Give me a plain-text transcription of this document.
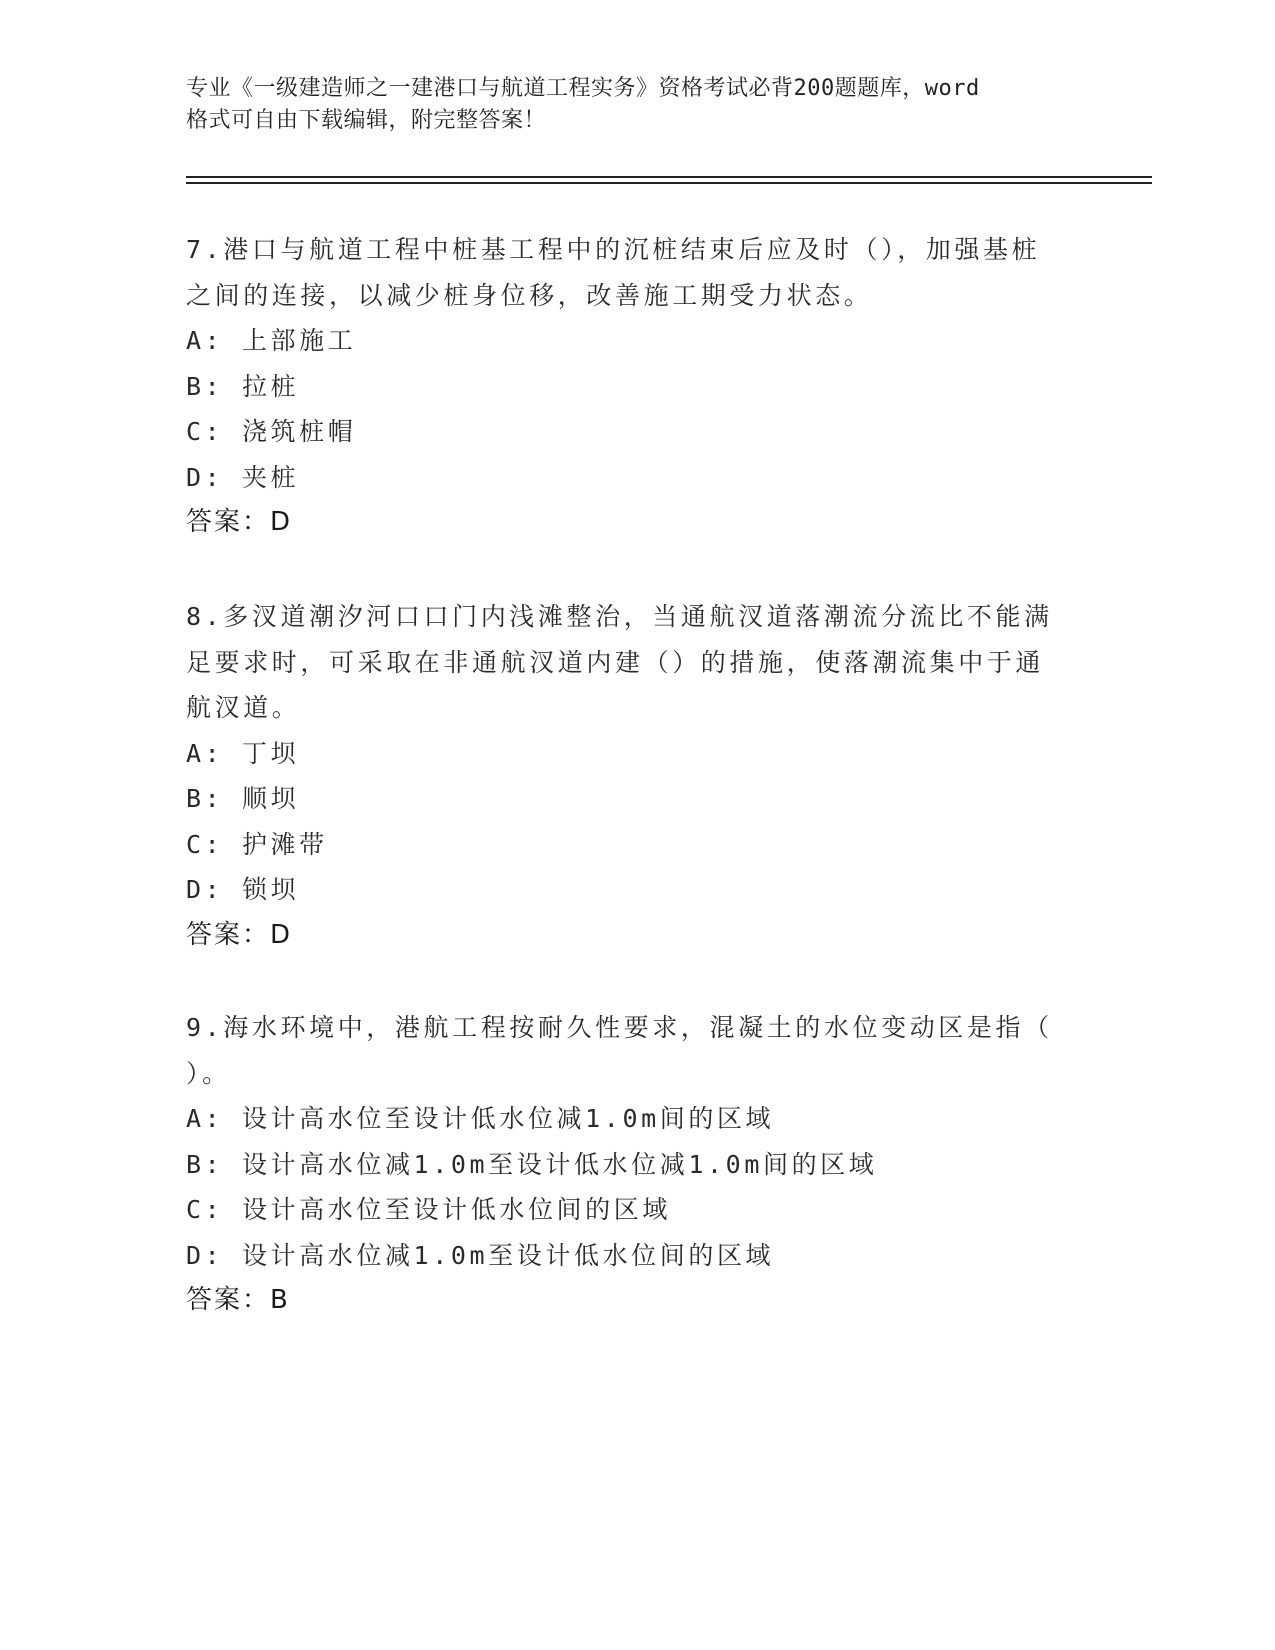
专业《一级建造师之一建港口与航道工程实务》资格考试必背200题题库，word
格式可自由下载编辑，附完整答案！
7.港口与航道工程中桩基工程中的沉桩结束后应及时（），加强基桩
之间的连接，以减少桩身位移，改善施工期受力状态。
A: 上部施工
B: 拉桩
C: 浇筑桩帽
D: 夹桩
答案：D
8.多汊道潮汐河口口门内浅滩整治，当通航汊道落潮流分流比不能满
足要求时，可采取在非通航汊道内建（）的措施，使落潮流集中于通
航汊道。
A: 丁坝
B: 顺坝
C: 护滩带
D: 锁坝
答案：D
9.海水环境中，港航工程按耐久性要求，混凝土的水位变动区是指（
）。
A: 设计高水位至设计低水位减1.0m间的区域
B: 设计高水位减1.0m至设计低水位减1.0m间的区域
C: 设计高水位至设计低水位间的区域
D: 设计高水位减1.0m至设计低水位间的区域
答案：B
